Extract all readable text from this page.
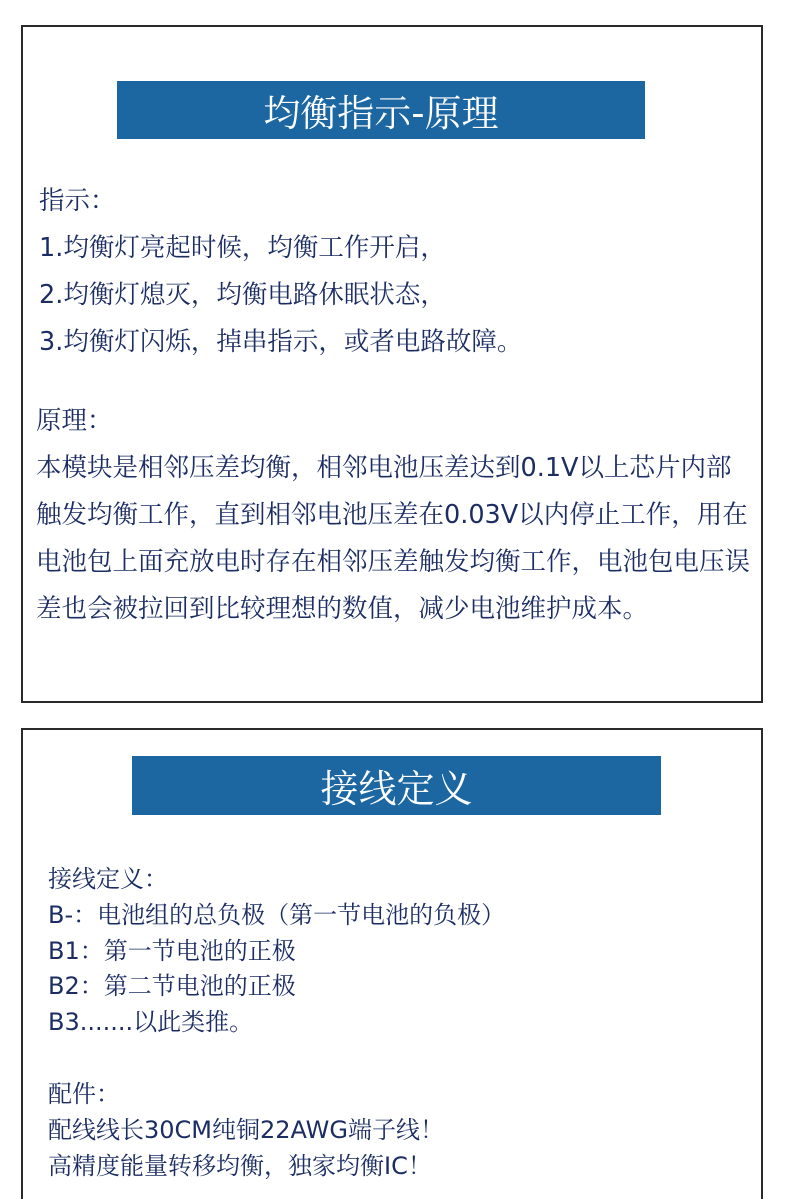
均衡指示-原理
指示：
1.均衡灯亮起时候，均衡工作开启，
2.均衡灯熄灭，均衡电路休眠状态，
3.均衡灯闪烁，掉串指示，或者电路故障。
原理：
本模块是相邻压差均衡，相邻电池压差达到0.1V以上芯片内部
触发均衡工作，直到相邻电池压差在0.03V以内停止工作，用在
电池包上面充放电时存在相邻压差触发均衡工作，电池包电压误
差也会被拉回到比较理想的数值，减少电池维护成本。
接线定义
接线定义：
B-：电池组的总负极（第一节电池的负极）
B1：第一节电池的正极
B2：第二节电池的正极
B3.......以此类推。
配件：
配线线长30CM纯铜22AWG端子线！
高精度能量转移均衡，独家均衡IC！
